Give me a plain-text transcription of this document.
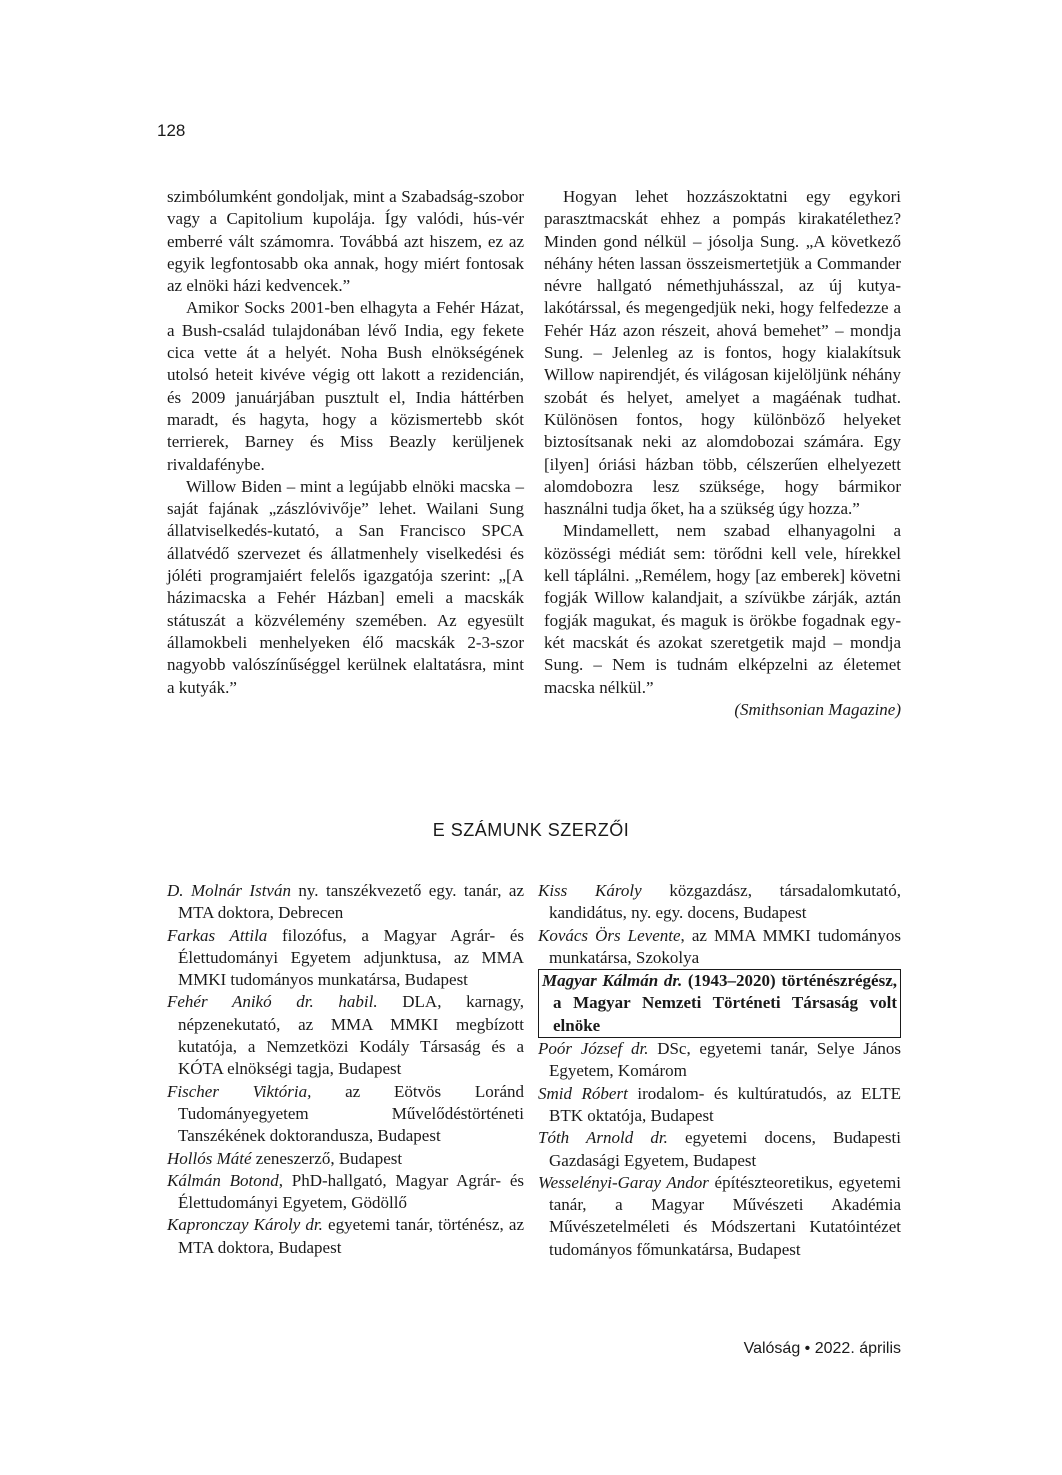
128

szimbólumként gondoljak, mint a Szabadság-szobor vagy a Capitolium kupolája. Így valódi, hús-vér emberré vált számomra. Továbbá azt hiszem, ez az egyik legfontosabb oka annak, hogy miért fontosak az elnöki házi kedvencek.”

Amikor Socks 2001-ben elhagyta a Fehér Házat, a Bush-család tulajdonában lévő India, egy fekete cica vette át a helyét. Noha Bush elnökségének utolsó heteit kivéve végig ott lakott a rezidencián, és 2009 januárjában pusztult el, India háttérben maradt, és hagyta, hogy a közismertebb skót terrierek, Barney és Miss Beazly kerüljenek rivaldafénybe.

Willow Biden – mint a legújabb elnöki macska – saját fajának „zászlóvivője” lehet. Wailani Sung állatviselkedés-kutató, a San Francisco SPCA állatvédő szervezet és állatmenhely viselkedési és jóléti programjaiért felelős igazgatója szerint: „[A házimacska a Fehér Házban] emeli a macskák státuszát a közvélemény szemében. Az egyesült államokbeli menhelyeken élő macskák 2-3-szor nagyobb valószínűséggel kerülnek elaltatásra, mint a kutyák.”

Hogyan lehet hozzászoktatni egy egykori parasztmacskát ehhez a pompás kirakatélethez? Minden gond nélkül – jósolja Sung. „A következő néhány héten lassan összeismertetjük a Commander névre hallgató némethjuhásszal, az új kutya-lakótárssal, és megengedjük neki, hogy felfedezze a Fehér Ház azon részeit, ahová bemehet” – mondja Sung. – Jelenleg az is fontos, hogy kialakítsuk Willow napirendjét, és világosan kijelöljünk néhány szobát és helyet, amelyet a magáénak tudhat. Különösen fontos, hogy különböző helyeket biztosítsanak neki az alomdobozai számára. Egy [ilyen] óriási házban több, célszerűen elhelyezett alomdobozra lesz szüksége, hogy bármikor használni tudja őket, ha a szükség úgy hozza.”

Mindamellett, nem szabad elhanyagolni a közösségi médiát sem: törődni kell vele, hírekkel kell táplálni. „Remélem, hogy [az emberek] követni fogják Willow kalandjait, a szívükbe zárják, aztán fogják magukat, és maguk is örökbe fogadnak egy-két macskát és azokat szeretgetik majd – mondja Sung. – Nem is tudnám elképzelni az életemet macska nélkül.”

(Smithsonian Magazine)
E SZÁMUNK SZERZŐI

D. Molnár István ny. tanszékvezető egy. tanár, az MTA doktora, Debrecen

Farkas Attila filozófus, a Magyar Agrár- és Élettudományi Egyetem adjunktusa, az MMA MMKI tudományos munkatársa, Budapest

Fehér Anikó dr. habil. DLA, karnagy, népzenekutató, az MMA MMKI megbízott kutatója, a Nemzetközi Kodály Társaság és a KÓTA elnökségi tagja, Budapest

Fischer Viktória, az Eötvös Loránd Tudományegyetem Művelődéstörténeti Tanszékének doktorandusza, Budapest

Hollós Máté zeneszerző, Budapest

Kálmán Botond, PhD-hallgató, Magyar Agrár- és Élettudományi Egyetem, Gödöllő

Kapronczay Károly dr. egyetemi tanár, történész, az MTA doktora, Budapest

Kiss Károly közgazdász, társadalomkutató, kandidátus, ny. egy. docens, Budapest

Kovács Örs Levente, az MMA MMKI tudományos munkatársa, Szokolya

Magyar Kálmán dr. (1943–2020) történészrégész, a Magyar Nemzeti Történeti Társaság volt elnöke

Poór József dr. DSc, egyetemi tanár, Selye János Egyetem, Komárom

Smid Róbert irodalom- és kultúratudós, az ELTE BTK oktatója, Budapest

Tóth Arnold dr. egyetemi docens, Budapesti Gazdasági Egyetem, Budapest

Wesselényi-Garay Andor építészteoretikus, egyetemi tanár, a Magyar Művészeti Akadémia Művészetelméleti és Módszertani Kutatóintézet tudományos főmunkatársa, Budapest

Valóság • 2022. április
